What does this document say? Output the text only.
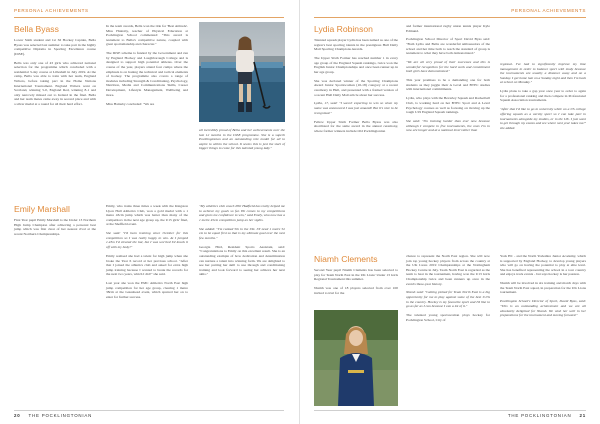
PERSONAL ACHIEVEMENTS
Bella Byass

Lower Sixth student and 1st XI Hockey Captain, Bella Byass was selected last summer to take part in the highly competitive Diploma in Sporting Excellence course (DiSE).

Bella was only one of 43 girls who achieved national selection for the programme which concluded with a residential 3-day course at Lilleshall in July 2019. At the camp, Bella was able to train with her team, England Writers, before taking part in the Home Nations International Tournament. England Writers went on Scotland, winning 5-0, England Red, winning 8-1 and only narrowly missed out to Ireland in the final. Bella and her team mates came away in second place and with a silver medal at a round for all their hard effort.

In the team awards, Bella won the title for 'Best Attitude'. Miss Hainsby, teacher of Physical Education at Pocklington School commented: "This award is testament to Bella's competitive nature, coupled with great sportsmanship and character."

The DiSE scheme is funded by the Government and run by England Hockey and Loughborough College and is designed to support high potential athletes. Over the course of the year, players attend four camps where the emphasis is on honing the technical and tactical elements of hockey. The programme also covers a range of modules including Strength & Conditioning, Psychology, Nutrition, Media and Communications Skills, Career Development, Lifestyle Management, Wellbeing and more.

Miss Hainsby concluded: "We are

all incredibly proud of Bella and her achievements over the last 12 months in the DiSE programme. She is a superb Pocklingtonian and an outstanding role model for all to aspire to within the school. It seems this is just the start of bigger things to come for this talented young lady."

Emily Marshall

First Year pupil Emily Marshall is the Under 13 Northern High Jump Champion after achieving a personal best jump which was first clear of her nearest rival at the recent Northern Championships.

Emily, who trains three times a week with the Kingston Upon Hull Athletics Club, won a gold medal with a 1 metre 43cm jump which was better than many of the competitors in the next age group up, the U15 girls' final, at the Sheffield event.

She said: "I'd been training since October for this competition so I was really happy to win. At I jumped 1.43m I'd cleared the bar, but I was worried I'd knock it off with my body!"

Emily realised she had a talent for high jump when she broke the Year 6 record at her previous school. "After that I joined the athletics club and asked for extra high jump training because I wanted to break the records for the next two years, which I did!" she said.

Last year she won the EMC Athletics North East high jump competition for her age group, clearing 1 metre 38cm at the Gateshead event, which spurred her on to enter for further success.

"My athletics club coach Phil Hadfield has really helped me to achieve my goals so far. He comes to my competitions and gives me confidence to win," said Emily, who now has a 1 metre 45cm competition jump as her sights.

She added: "I'm ranked 5th in the UK. I'll need 1 metre 52 cm to be equal first so that is my ultimate goal over the next few months."

Georgia Hird, Resident Sports Assistant, said: "Congratulations to Emily on this excellent result. She is an outstanding example of how dedication and determination can nurture a talent into winning form. We are delighted to see her putting her skill to use through and conditioning training and look forward to seeing her achieve her next aims."

20 THE POCKLINGTONIAN
PERSONAL ACHIEVEMENTS
Lydia Robinson

Talented squash player Lydia has been named as one of the region's best sporting talents in the prestigious Hull Daily Mail Sporting Champions Awards.

The Upper Sixth Former has reached number 1 in every age group of the England Squash rankings, twice won the English Junior Championships and once been runner up in her age group.

She was declared winner of the Sporting Champions Award Junior Sportswoman (16-18) category at a recent ceremony in Hull, and presented with a framed version of a recent Hull Daily Mail article about her success.

Lydia, 17, said: "I wasn't expecting to win so when my name was announced I was just amazed! But it's nice to be recognised."

Fellow Upper Sixth Former Bella Byass was also shortlisted for the same award in the annual ceremony, where former winners include Old Pocklingtonian

and former international rugby union tennis player Kyle Edmund.

Pocklington School Director of Sport David Byas said: "Both Lydia and Bella are wonderful ambassadors of the school and her time both to reach the standard of group is testament to what they have both demonstrated."

"We are all very proud of their successes and this is wonderful recognition for the hard work and commitment both girls have demonstrated."

This year promises to be a demanding one for both students as they juggle their A Level and BTEC studies with international commitments.

Lydia, who plays with the Beverley Squash and Racketball Club, is working hard on her BTEC Sport and A Level Psychology courses as well as focusing on moving up the tough U19 England Squash rankings.

She said: "I'm training harder than ever now because although I compete in five tournaments, the ones I'm in now are longer and at a national level rather than

regional. I've had to significantly improve my time management in order to balance sport with study because the tournaments are usually a distance away and on a Sunday. I get home late on a Sunday night and then I'm back at school on Monday."

Lydia plans to take a gap year once year to order to again for a professional ranking and then compete in Professional Squash Association tournaments.

"After that I'd like to go to university while on a US college offering squash as a varsity sport so I can take part in tournaments alongside my studies, or in the UK. I just want to get through my exams and see where next year takes me!" she added.

Niamh Clements

Second Year pupil Niamh Clements has been selected to play for Team North East in the UK Lions' Under 13 Girls Regional Tournament this summer.

Niamh was one of 18 players selected from over 100 invited to trial for the

chance to represent the North East region. She will now join top young hockey players from across the country at the UK Lions 2019 Championships at the Nottingham Hockey Centre in July. Team North East is regarded as the team to beat in the tournament, having won the U13 Girls Championship twice and been runners up once in the event's three-year history.

Niamh said: "Getting picked for Team North East is a big opportunity for me to play against some of the best U13s in the country. Hockey is my favourite sport and I'd like to go as far as I can because I can a lot of it."

The talented young sportswoman plays hockey for Pocklington School, City of

York HC - and the North Yorkshire Junior Academy, which is supported by England Hockey, to develop young players who will go on having the potential to play at elite level. She has benefited representing the school in a tour country and enjoys track events - but says hockey is her passion.

Niamh will be involved in six training and match days with the Team North East squad, in preparation for the UK Lions tournament.

Pocklington School's Director of Sport, David Byas, said: "This is an outstanding achievement and we are all absolutely delighted for Niamh. We wish her well in her preparations for the tournament and moving forward."

THE POCKLINGTONIAN 21
